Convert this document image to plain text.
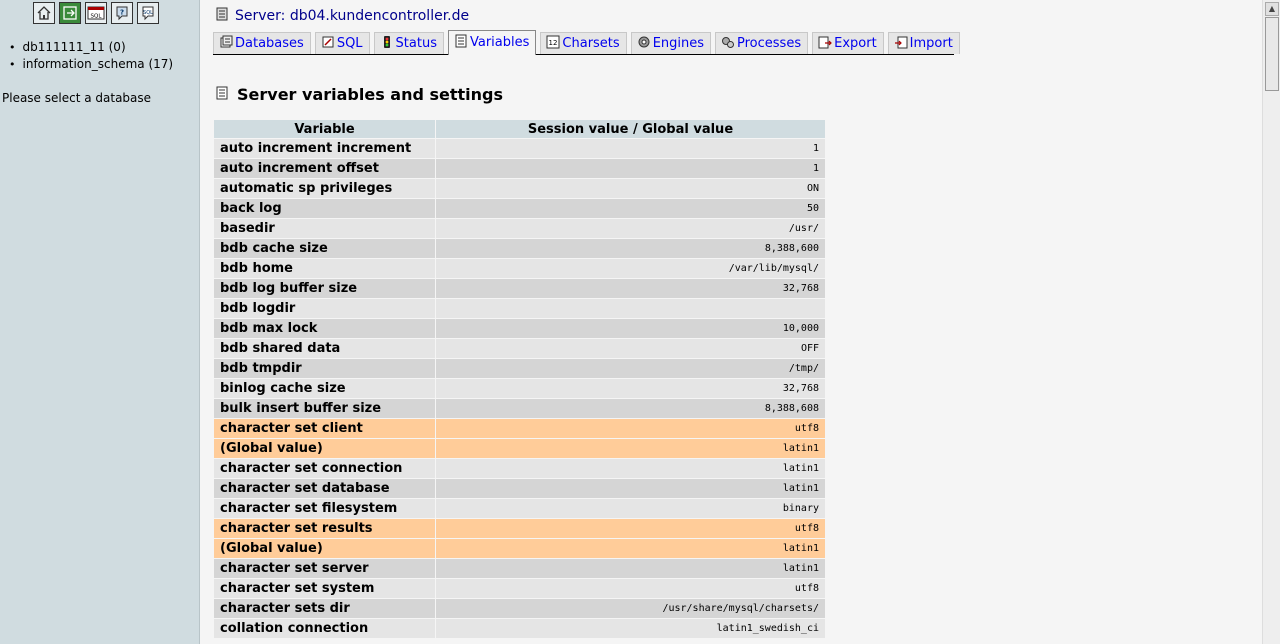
SQL	?	SQL
• db111111_11 (0)
• information_schema (17)
Please select a database
Server: db04.kundencontroller.de
Databases	SQL	Status	Variables	12 Charsets	Engines	Processes	Export	Import
Server variables and settings
Variable	Session value / Global value
auto increment increment	1
auto increment offset	1
automatic sp privileges	ON
back log	50
basedir	/usr/
bdb cache size	8,388,600
bdb home	/var/lib/mysql/
bdb log buffer size	32,768
bdb logdir	
bdb max lock	10,000
bdb shared data	OFF
bdb tmpdir	/tmp/
binlog cache size	32,768
bulk insert buffer size	8,388,608
character set client	utf8
(Global value)	latin1
character set connection	latin1
character set database	latin1
character set filesystem	binary
character set results	utf8
(Global value)	latin1
character set server	latin1
character set system	utf8
character sets dir	/usr/share/mysql/charsets/
collation connection	latin1_swedish_ci
▲
